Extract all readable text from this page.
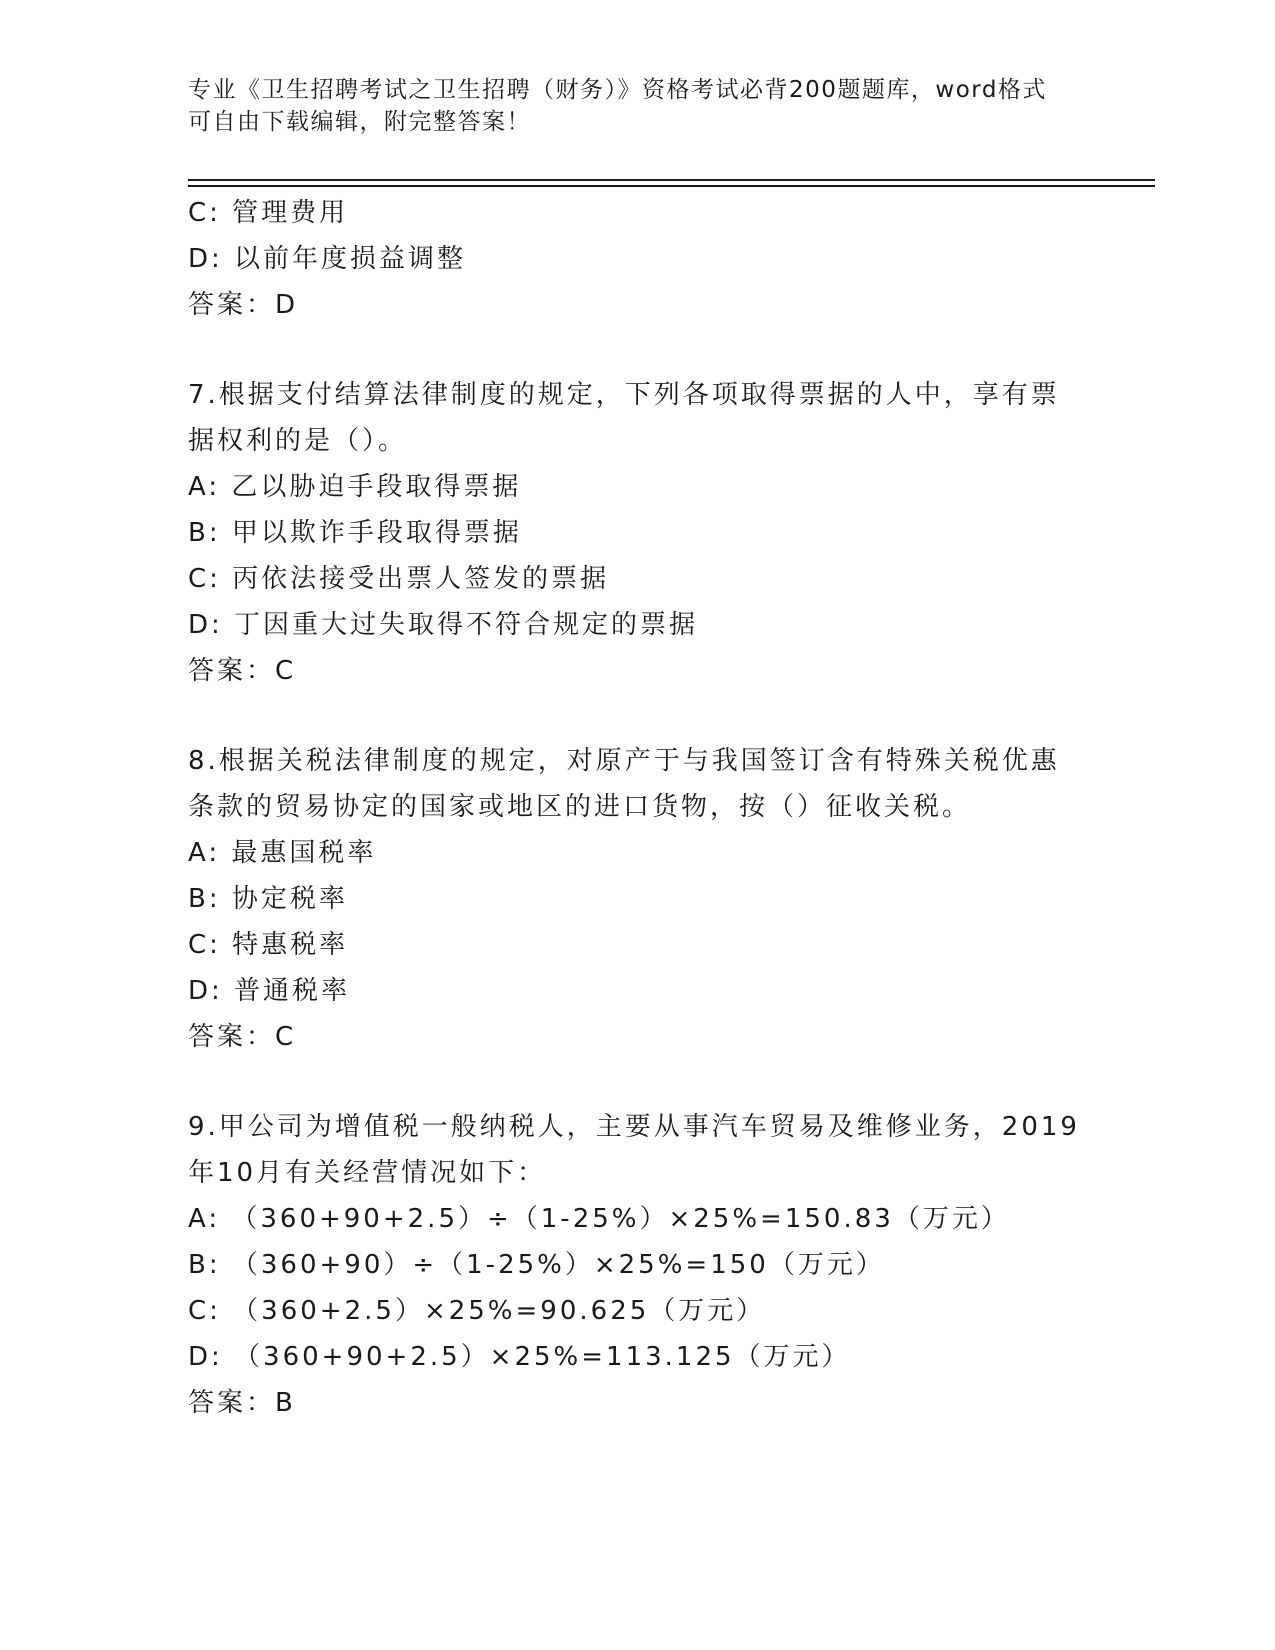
专业《卫生招聘考试之卫生招聘（财务）》资格考试必背200题题库，word格式
可自由下载编辑，附完整答案！
C: 管理费用
D: 以前年度损益调整
答案：D
7.根据支付结算法律制度的规定，下列各项取得票据的人中，享有票
据权利的是（）。
A: 乙以胁迫手段取得票据
B: 甲以欺诈手段取得票据
C: 丙依法接受出票人签发的票据
D: 丁因重大过失取得不符合规定的票据
答案：C
8.根据关税法律制度的规定，对原产于与我国签订含有特殊关税优惠
条款的贸易协定的国家或地区的进口货物，按（）征收关税。
A: 最惠国税率
B: 协定税率
C: 特惠税率
D: 普通税率
答案：C
9.甲公司为增值税一般纳税人，主要从事汽车贸易及维修业务，2019
年10月有关经营情况如下：
A: （360+90+2.5）÷（1-25%）×25%=150.83（万元）
B: （360+90）÷（1-25%）×25%=150（万元）
C: （360+2.5）×25%=90.625（万元）
D: （360+90+2.5）×25%=113.125（万元）
答案：B
